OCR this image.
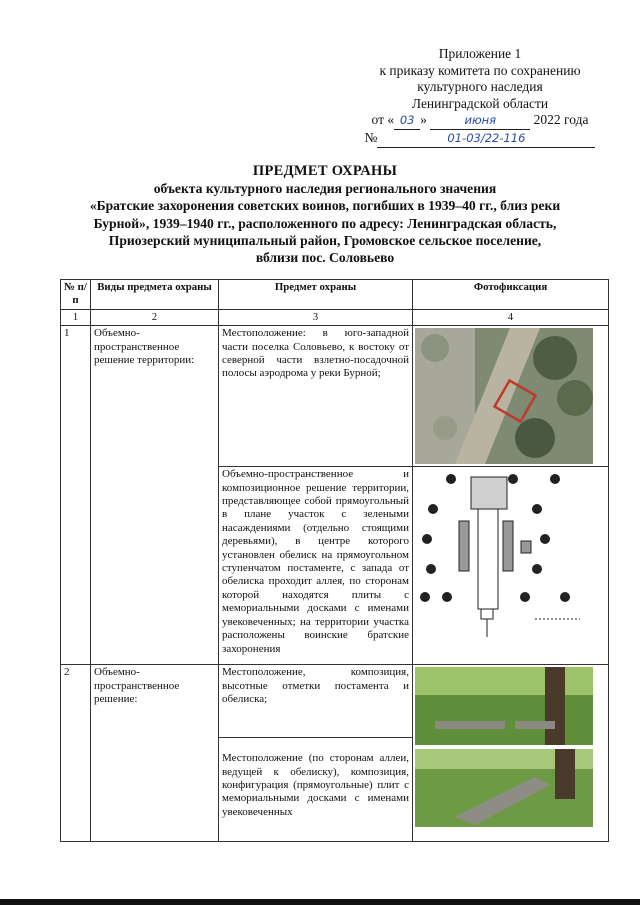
Приложение 1
к приказу комитета по сохранению
культурного наследия
Ленинградской области
от « 03 »	июня	2022 года
№	01-03/22-116
ПРЕДМЕТ ОХРАНЫ
объекта культурного наследия регионального значения
«Братские захоронения советских воинов, погибших в 1939–40 гг., близ реки
Бурной», 1939–1940 гг., расположенного по адресу: Ленинградская область,
Приозерский муниципальный район, Громовское сельское поселение,
вблизи пос. Соловьево
№ п/п	Виды предмета охраны	Предмет охраны	Фотофиксация
1	2	3	4
1	Объемно-пространственное решение территории:	Местоположение: в юго-западной части поселка Соловьево, к востоку от северной части взлетно-посадочной полосы аэродрома у реки Бурной;	

		Объемно-пространственное и композиционное решение территории, представляющее собой прямоугольный в плане участок с зелеными насаждениями (отдельно стоящими деревьями), в центре которого установлен обелиск на прямоугольном ступенчатом постаменте, с запада от обелиска проходит аллея, по сторонам которой находятся плиты с мемориальными досками с именами увековеченных; на территории участка расположены воинские братские захоронения	

2	Объемно-пространственное решение:	Местоположение, композиция, высотные отметки постамента и обелиска;	

		Местоположение (по сторонам аллеи, ведущей к обелиску), композиция, конфигурация (прямоугольные) плит с мемориальными досками с именами увековеченных	
